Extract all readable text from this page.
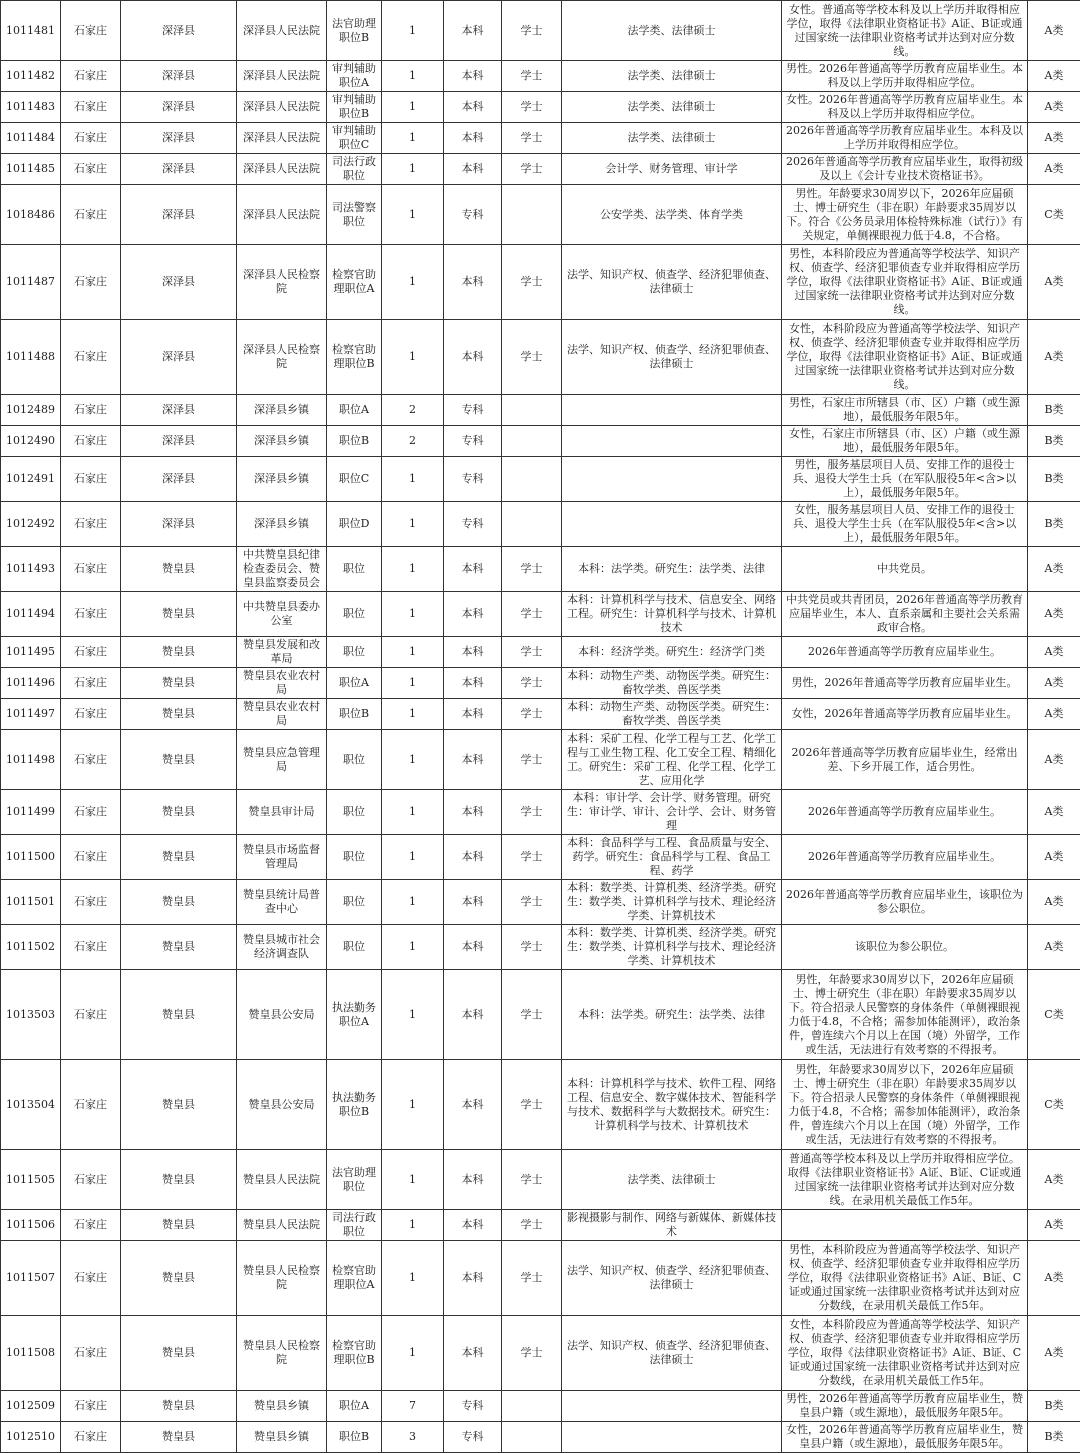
1011481	石家庄	深泽县	深泽县人民法院	法官助理职位B	1	本科	学士	法学类、法律硕士	女性。普通高等学校本科及以上学历并取得相应学位，取得《法律职业资格证书》A证、B证或通过国家统一法律职业资格考试并达到对应分数线。	A类
1011482	石家庄	深泽县	深泽县人民法院	审判辅助职位A	1	本科	学士	法学类、法律硕士	男性。2026年普通高等学历教育应届毕业生。本科及以上学历并取得相应学位。	A类
1011483	石家庄	深泽县	深泽县人民法院	审判辅助职位B	1	本科	学士	法学类、法律硕士	女性。2026年普通高等学历教育应届毕业生。本科及以上学历并取得相应学位。	A类
1011484	石家庄	深泽县	深泽县人民法院	审判辅助职位C	1	本科	学士	法学类、法律硕士	2026年普通高等学历教育应届毕业生。本科及以上学历并取得相应学位。	A类
1011485	石家庄	深泽县	深泽县人民法院	司法行政职位	1	本科	学士	会计学、财务管理、审计学	2026年普通高等学历教育应届毕业生，取得初级及以上《会计专业技术资格证书》。	A类
1018486	石家庄	深泽县	深泽县人民法院	司法警察职位	1	专科		公安学类、法学类、体育学类	男性。年龄要求30周岁以下，2026年应届硕士、博士研究生（非在职）年龄要求35周岁以下。符合《公务员录用体检特殊标准（试行）》有关规定，单侧裸眼视力低于4.8，不合格。	C类
1011487	石家庄	深泽县	深泽县人民检察院	检察官助理职位A	1	本科	学士	法学、知识产权、侦查学、经济犯罪侦查、法律硕士	男性，本科阶段应为普通高等学校法学、知识产权、侦查学、经济犯罪侦查专业并取得相应学历学位，取得《法律职业资格证书》A证、B证或通过国家统一法律职业资格考试并达到对应分数线。	A类
1011488	石家庄	深泽县	深泽县人民检察院	检察官助理职位B	1	本科	学士	法学、知识产权、侦查学、经济犯罪侦查、法律硕士	女性，本科阶段应为普通高等学校法学、知识产权、侦查学、经济犯罪侦查专业并取得相应学历学位，取得《法律职业资格证书》A证、B证或通过国家统一法律职业资格考试并达到对应分数线。	A类
1012489	石家庄	深泽县	深泽县乡镇	职位A	2	专科			男性，石家庄市所辖县（市、区）户籍（或生源地），最低服务年限5年。	B类
1012490	石家庄	深泽县	深泽县乡镇	职位B	2	专科			女性，石家庄市所辖县（市、区）户籍（或生源地），最低服务年限5年。	B类
1012491	石家庄	深泽县	深泽县乡镇	职位C	1	专科			男性，服务基层项目人员、安排工作的退役士兵、退役大学生士兵（在军队服役5年<含>以上），最低服务年限5年。	B类
1012492	石家庄	深泽县	深泽县乡镇	职位D	1	专科			女性，服务基层项目人员、安排工作的退役士兵、退役大学生士兵（在军队服役5年<含>以上），最低服务年限5年。	B类
1011493	石家庄	赞皇县	中共赞皇县纪律检查委员会、赞皇县监察委员会	职位	1	本科	学士	本科：法学类。研究生：法学类、法律	中共党员。	A类
1011494	石家庄	赞皇县	中共赞皇县委办公室	职位	1	本科	学士	本科：计算机科学与技术、信息安全、网络工程。研究生：计算机科学与技术、计算机技术	中共党员或共青团员，2026年普通高等学历教育应届毕业生，本人、直系亲属和主要社会关系需政审合格。	A类
1011495	石家庄	赞皇县	赞皇县发展和改革局	职位	1	本科	学士	本科：经济学类。研究生：经济学门类	2026年普通高等学历教育应届毕业生。	A类
1011496	石家庄	赞皇县	赞皇县农业农村局	职位A	1	本科	学士	本科：动物生产类、动物医学类。研究生：畜牧学类、兽医学类	男性，2026年普通高等学历教育应届毕业生。	A类
1011497	石家庄	赞皇县	赞皇县农业农村局	职位B	1	本科	学士	本科：动物生产类、动物医学类。研究生：畜牧学类、兽医学类	女性，2026年普通高等学历教育应届毕业生。	A类
1011498	石家庄	赞皇县	赞皇县应急管理局	职位	1	本科	学士	本科：采矿工程、化学工程与工艺、化学工程与工业生物工程、化工安全工程、精细化工。研究生：采矿工程、化学工程、化学工艺、应用化学	2026年普通高等学历教育应届毕业生，经常出差、下乡开展工作，适合男性。	A类
1011499	石家庄	赞皇县	赞皇县审计局	职位	1	本科	学士	本科：审计学、会计学、财务管理。研究生：审计学、审计、会计学、会计、财务管理	2026年普通高等学历教育应届毕业生。	A类
1011500	石家庄	赞皇县	赞皇县市场监督管理局	职位	1	本科	学士	本科：食品科学与工程、食品质量与安全、药学。研究生：食品科学与工程、食品工程、药学	2026年普通高等学历教育应届毕业生。	A类
1011501	石家庄	赞皇县	赞皇县统计局普查中心	职位	1	本科	学士	本科：数学类、计算机类、经济学类。研究生：数学类、计算机科学与技术、理论经济学类、计算机技术	2026年普通高等学历教育应届毕业生，该职位为参公职位。	A类
1011502	石家庄	赞皇县	赞皇县城市社会经济调查队	职位	1	本科	学士	本科：数学类、计算机类、经济学类。研究生：数学类、计算机科学与技术、理论经济学类、计算机技术	该职位为参公职位。	A类
1013503	石家庄	赞皇县	赞皇县公安局	执法勤务职位A	1	本科	学士	本科：法学类。研究生：法学类、法律	男性，年龄要求30周岁以下，2026年应届硕士、博士研究生（非在职）年龄要求35周岁以下。符合招录人民警察的身体条件（单侧裸眼视力低于4.8，不合格；需参加体能测评），政治条件，曾连续六个月以上在国（境）外留学，工作或生活，无法进行有效考察的不得报考。	C类
1013504	石家庄	赞皇县	赞皇县公安局	执法勤务职位B	1	本科	学士	本科：计算机科学与技术、软件工程、网络工程、信息安全、数字媒体技术、智能科学与技术、数据科学与大数据技术。研究生：计算机科学与技术、计算机技术	男性，年龄要求30周岁以下，2026年应届硕士、博士研究生（非在职）年龄要求35周岁以下。符合招录人民警察的身体条件（单侧裸眼视力低于4.8，不合格；需参加体能测评），政治条件，曾连续六个月以上在国（境）外留学，工作或生活，无法进行有效考察的不得报考。	C类
1011505	石家庄	赞皇县	赞皇县人民法院	法官助理职位	1	本科	学士	法学类、法律硕士	普通高等学校本科及以上学历并取得相应学位。取得《法律职业资格证书》A证、B证、C证或通过国家统一法律职业资格考试并达到对应分数线。在录用机关最低工作5年。	A类
1011506	石家庄	赞皇县	赞皇县人民法院	司法行政职位	1	本科	学士	影视摄影与制作、网络与新媒体、新媒体技术		A类
1011507	石家庄	赞皇县	赞皇县人民检察院	检察官助理职位A	1	本科	学士	法学、知识产权、侦查学、经济犯罪侦查、法律硕士	男性，本科阶段应为普通高等学校法学、知识产权、侦查学、经济犯罪侦查专业并取得相应学历学位，取得《法律职业资格证书》A证、B证、C证或通过国家统一法律职业资格考试并达到对应分数线，在录用机关最低工作5年。	A类
1011508	石家庄	赞皇县	赞皇县人民检察院	检察官助理职位B	1	本科	学士	法学、知识产权、侦查学、经济犯罪侦查、法律硕士	女性，本科阶段应为普通高等学校法学、知识产权、侦查学、经济犯罪侦查专业并取得相应学历学位，取得《法律职业资格证书》A证、B证、C证或通过国家统一法律职业资格考试并达到对应分数线，在录用机关最低工作5年。	A类
1012509	石家庄	赞皇县	赞皇县乡镇	职位A	7	专科			男性，2026年普通高等学历教育应届毕业生，赞皇县户籍（或生源地），最低服务年限5年。	B类
1012510	石家庄	赞皇县	赞皇县乡镇	职位B	3	专科			女性，2026年普通高等学历教育应届毕业生，赞皇县户籍（或生源地），最低服务年限5年。	B类
